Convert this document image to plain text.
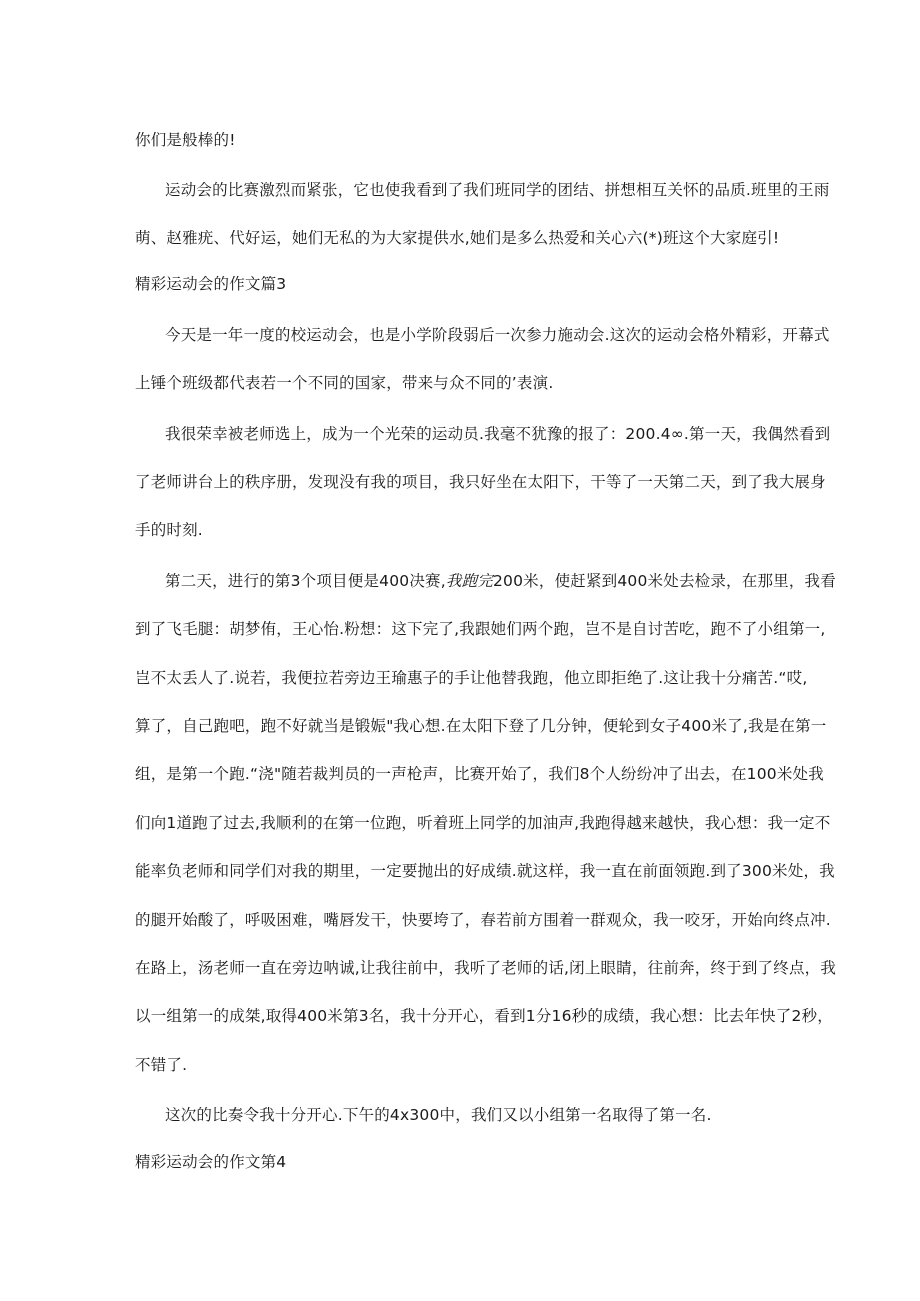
你们是般棒的!

运动会的比赛激烈而紧张，它也使我看到了我们班同学的团结、拼想相互关怀的品质.班里的王雨

萌、赵雅疣、代好运，她们无私的为大家提供水,她们是多么热爱和关心六(*)班这个大家庭引!

精彩运动会的作文篇3

今天是一年一度的校运动会，也是小学阶段弱后一次参力施动会.这次的运动会格外精彩，开幕式

上锤个班级都代表若一个不同的国家，带来与众不同的’表演.

我很荣幸被老师选上，成为一个光荣的运动员.我毫不犹豫的报了：200.4∞.第一天，我偶然看到

了老师讲台上的秩序册，发现没有我的项目，我只好坐在太阳下，干等了一天第二天，到了我大展身

手的时刻.

第二天，进行的第3个项目便是400决赛,我跑完200米，使赶紧到400米处去检录，在那里，我看

到了飞毛腿：胡梦侑，王心怡.粉想：这下完了,我跟她们两个跑，岂不是自讨苦吃，跑不了小组第一,

岂不太丢人了.说若，我便拉若旁边王瑜惠子的手让他替我跑，他立即拒绝了.这让我十分痛苦.“哎,

算了，自己跑吧，跑不好就当是锻娠"我心想.在太阳下登了几分钟，便轮到女子400米了,我是在第一

组，是第一个跑.“浇"随若裁判员的一声枪声，比赛开始了，我们8个人纷纷冲了出去，在100米处我

们向1道跑了过去,我顺利的在第一位跑，听着班上同学的加油声,我跑得越来越快，我心想：我一定不

能率负老师和同学们对我的期里，一定要抛出的好成绩.就这样，我一直在前面领跑.到了300米处，我

的腿开始酸了，呼吸困难，嘴唇发干，快要垮了，春若前方围着一群观众，我一咬牙，开始向终点冲.

在路上，汤老师一直在旁边呐诚,让我往前中，我听了老师的话,闭上眼睛，往前奔，终于到了终点，我

以一组第一的成桀,取得400米第3名，我十分开心，看到1分16秒的成绩，我心想：比去年快了2秒，

不错了.

这次的比奏令我十分开心.下午的4x300中，我们又以小组第一名取得了第一名.

精彩运动会的作文第4
